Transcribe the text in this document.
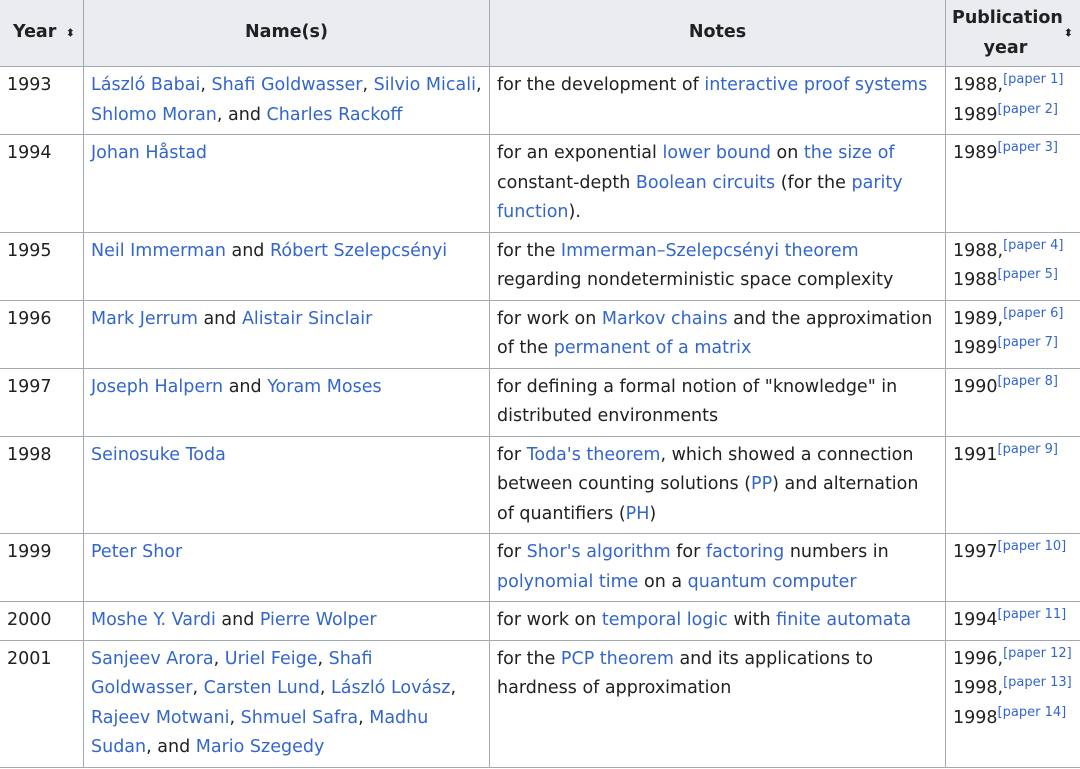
Year ⬍	Name(s)	Notes	Publication
year
⬍

1993	László Babai, Shafi Goldwasser, Silvio Micali, Shlomo Moran, and Charles Rackoff	for the development of interactive proof systems	1988,[paper 1]
1989[paper 2]

1994	Johan Håstad	for an exponential lower bound on the size of constant-depth Boolean circuits (for the parity function).	1989[paper 3]

1995	Neil Immerman and Róbert Szelepcsényi	for the Immerman–Szelepcsényi theorem regarding nondeterministic space complexity	1988,[paper 4]
1988[paper 5]

1996	Mark Jerrum and Alistair Sinclair	for work on Markov chains and the approximation of the permanent of a matrix	1989,[paper 6]
1989[paper 7]

1997	Joseph Halpern and Yoram Moses	for defining a formal notion of "knowledge" in distributed environments	1990[paper 8]

1998	Seinosuke Toda	for Toda's theorem, which showed a connection between counting solutions (PP) and alternation of quantifiers (PH)	1991[paper 9]

1999	Peter Shor	for Shor's algorithm for factoring numbers in polynomial time on a quantum computer	1997[paper 10]

2000	Moshe Y. Vardi and Pierre Wolper	for work on temporal logic with finite automata	1994[paper 11]

2001	Sanjeev Arora, Uriel Feige, Shafi Goldwasser, Carsten Lund, László Lovász, Rajeev Motwani, Shmuel Safra, Madhu Sudan, and Mario Szegedy	for the PCP theorem and its applications to hardness of approximation	1996,[paper 12]
1998,[paper 13]
1998[paper 14]
